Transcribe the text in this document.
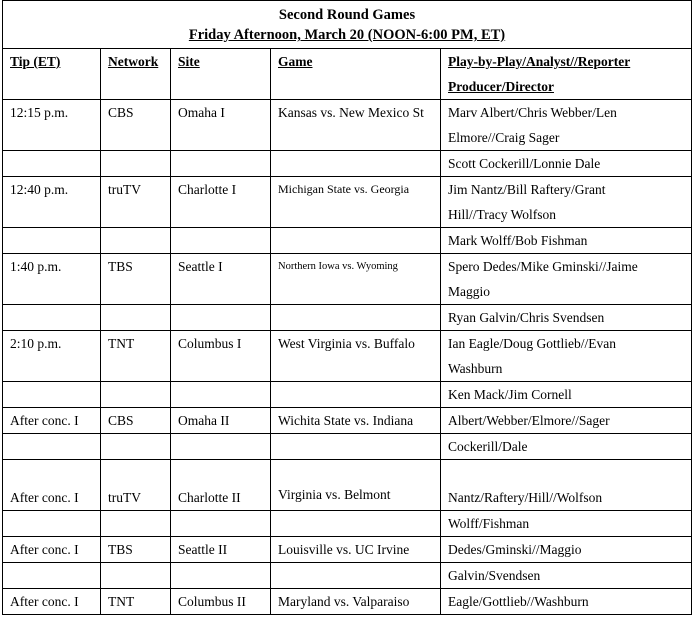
Second Round Games
Friday Afternoon, March 20 (NOON-6:00 PM, ET)				

Tip (ET)	Network	Site	Game	Play-by-Play/Analyst//Reporter
Producer/Director

12:15 p.m.	CBS	Omaha I	Kansas vs. New Mexico St	Marv Albert/Chris Webber/Len
Elmore//Craig Sager

				Scott Cockerill/Lonnie Dale
12:40 p.m.	truTV	Charlotte I	Michigan State vs. Georgia	Jim Nantz/Bill Raftery/Grant
Hill//Tracy Wolfson

				Mark Wolff/Bob Fishman
1:40 p.m.	TBS	Seattle I	Northern Iowa vs. Wyoming	Spero Dedes/Mike Gminski//Jaime
Maggio

				Ryan Galvin/Chris Svendsen
2:10 p.m.	TNT	Columbus I	West Virginia vs. Buffalo	Ian Eagle/Doug Gottlieb//Evan
Washburn

				Ken Mack/Jim Cornell
After conc. I	CBS	Omaha II	Wichita State vs. Indiana	Albert/Webber/Elmore//Sager
				Cockerill/Dale
After conc. I	truTV	Charlotte II	Virginia vs. Belmont	Nantz/Raftery/Hill//Wolfson
				Wolff/Fishman
After conc. I	TBS	Seattle II	Louisville vs. UC Irvine	Dedes/Gminski//Maggio
				Galvin/Svendsen
After conc. I	TNT	Columbus II	Maryland vs. Valparaiso	Eagle/Gottlieb//Washburn
